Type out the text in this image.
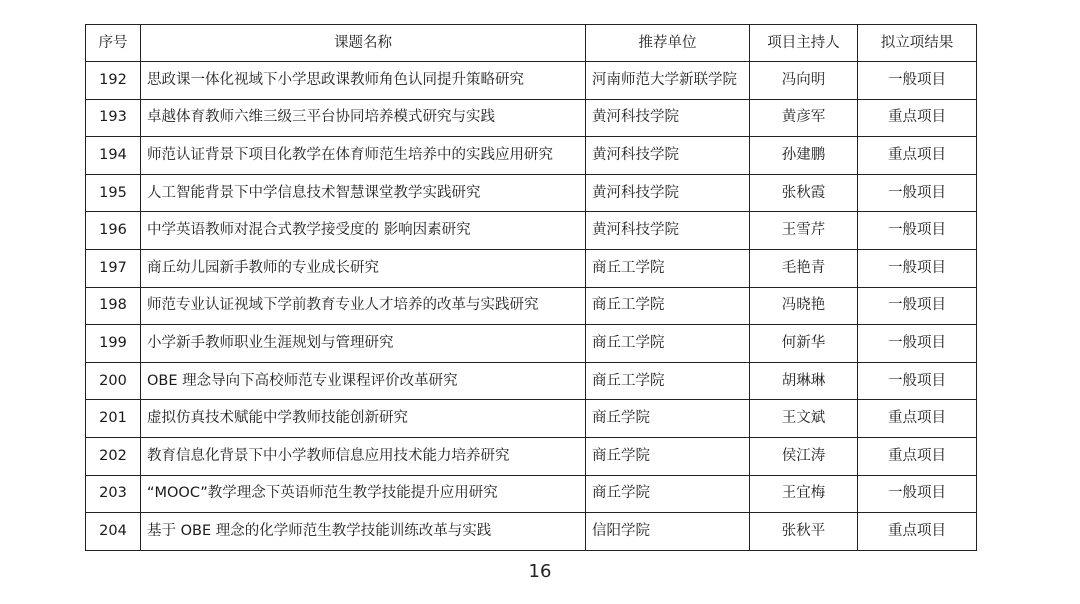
序号	课题名称	推荐单位	项目主持人	拟立项结果
192	思政课一体化视域下小学思政课教师角色认同提升策略研究	河南师范大学新联学院	冯向明	一般项目
193	卓越体育教师六维三级三平台协同培养模式研究与实践	黄河科技学院	黄彦军	重点项目
194	师范认证背景下项目化教学在体育师范生培养中的实践应用研究	黄河科技学院	孙建鹏	重点项目
195	人工智能背景下中学信息技术智慧课堂教学实践研究	黄河科技学院	张秋霞	一般项目
196	中学英语教师对混合式教学接受度的 影响因素研究	黄河科技学院	王雪芹	一般项目
197	商丘幼儿园新手教师的专业成长研究	商丘工学院	毛艳青	一般项目
198	师范专业认证视域下学前教育专业人才培养的改革与实践研究	商丘工学院	冯晓艳	一般项目
199	小学新手教师职业生涯规划与管理研究	商丘工学院	何新华	一般项目
200	OBE 理念导向下高校师范专业课程评价改革研究	商丘工学院	胡琳琳	一般项目
201	虚拟仿真技术赋能中学教师技能创新研究	商丘学院	王文斌	重点项目
202	教育信息化背景下中小学教师信息应用技术能力培养研究	商丘学院	侯江涛	重点项目
203	“MOOC”教学理念下英语师范生教学技能提升应用研究	商丘学院	王宜梅	一般项目
204	基于 OBE 理念的化学师范生教学技能训练改革与实践	信阳学院	张秋平	重点项目
16
